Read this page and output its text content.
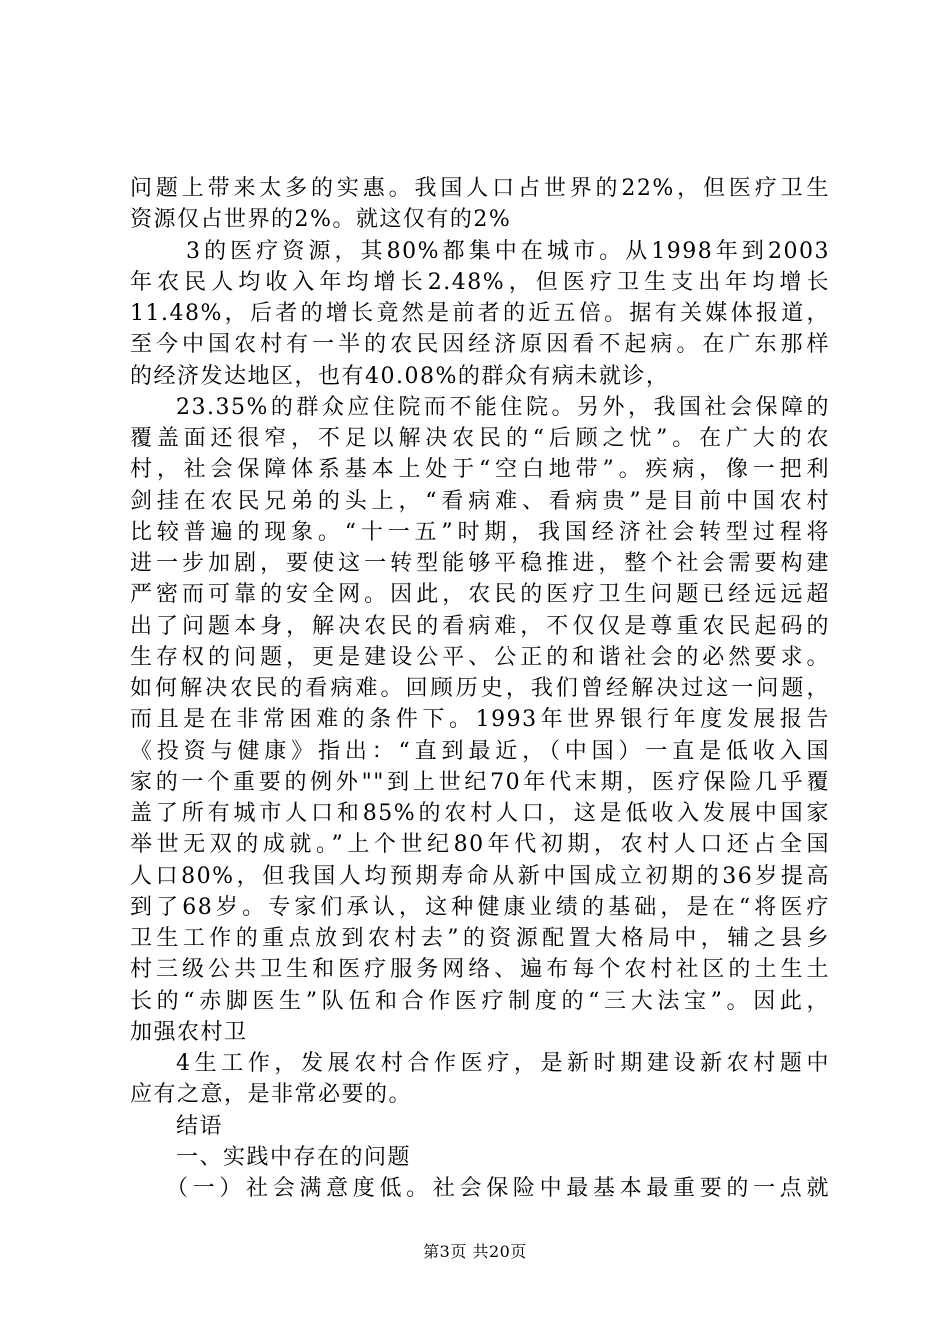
问题上带来太多的实惠。我国人口占世界的22%，但医疗卫生
资源仅占世界的2%。就这仅有的2%
3的医疗资源，其80%都集中在城市。从1998年到2003
年农民人均收入年均增长2.48%，但医疗卫生支出年均增长
11.48%，后者的增长竟然是前者的近五倍。据有关媒体报道，
至今中国农村有一半的农民因经济原因看不起病。在广东那样
的经济发达地区，也有40.08%的群众有病未就诊，
23.35%的群众应住院而不能住院。另外，我国社会保障的
覆盖面还很窄，不足以解决农民的“后顾之忧”。在广大的农
村，社会保障体系基本上处于“空白地带”。疾病，像一把利
剑挂在农民兄弟的头上，“看病难、看病贵”是目前中国农村
比较普遍的现象。“十一五”时期，我国经济社会转型过程将
进一步加剧，要使这一转型能够平稳推进，整个社会需要构建
严密而可靠的安全网。因此，农民的医疗卫生问题已经远远超
出了问题本身，解决农民的看病难，不仅仅是尊重农民起码的
生存权的问题，更是建设公平、公正的和谐社会的必然要求。
如何解决农民的看病难。回顾历史，我们曾经解决过这一问题，
而且是在非常困难的条件下。1993年世界银行年度发展报告
《投资与健康》指出：“直到最近，（中国）一直是低收入国
家的一个重要的例外""到上世纪70年代末期，医疗保险几乎覆
盖了所有城市人口和85%的农村人口，这是低收入发展中国家
举世无双的成就。”上个世纪80年代初期，农村人口还占全国
人口80%，但我国人均预期寿命从新中国成立初期的36岁提高
到了68岁。专家们承认，这种健康业绩的基础，是在“将医疗
卫生工作的重点放到农村去”的资源配置大格局中，辅之县乡
村三级公共卫生和医疗服务网络、遍布每个农村社区的土生土
长的“赤脚医生”队伍和合作医疗制度的“三大法宝”。因此，
加强农村卫
4生工作，发展农村合作医疗，是新时期建设新农村题中
应有之意，是非常必要的。
结语
一、实践中存在的问题
（一）社会满意度低。社会保险中最基本最重要的一点就
第3页 共20页
